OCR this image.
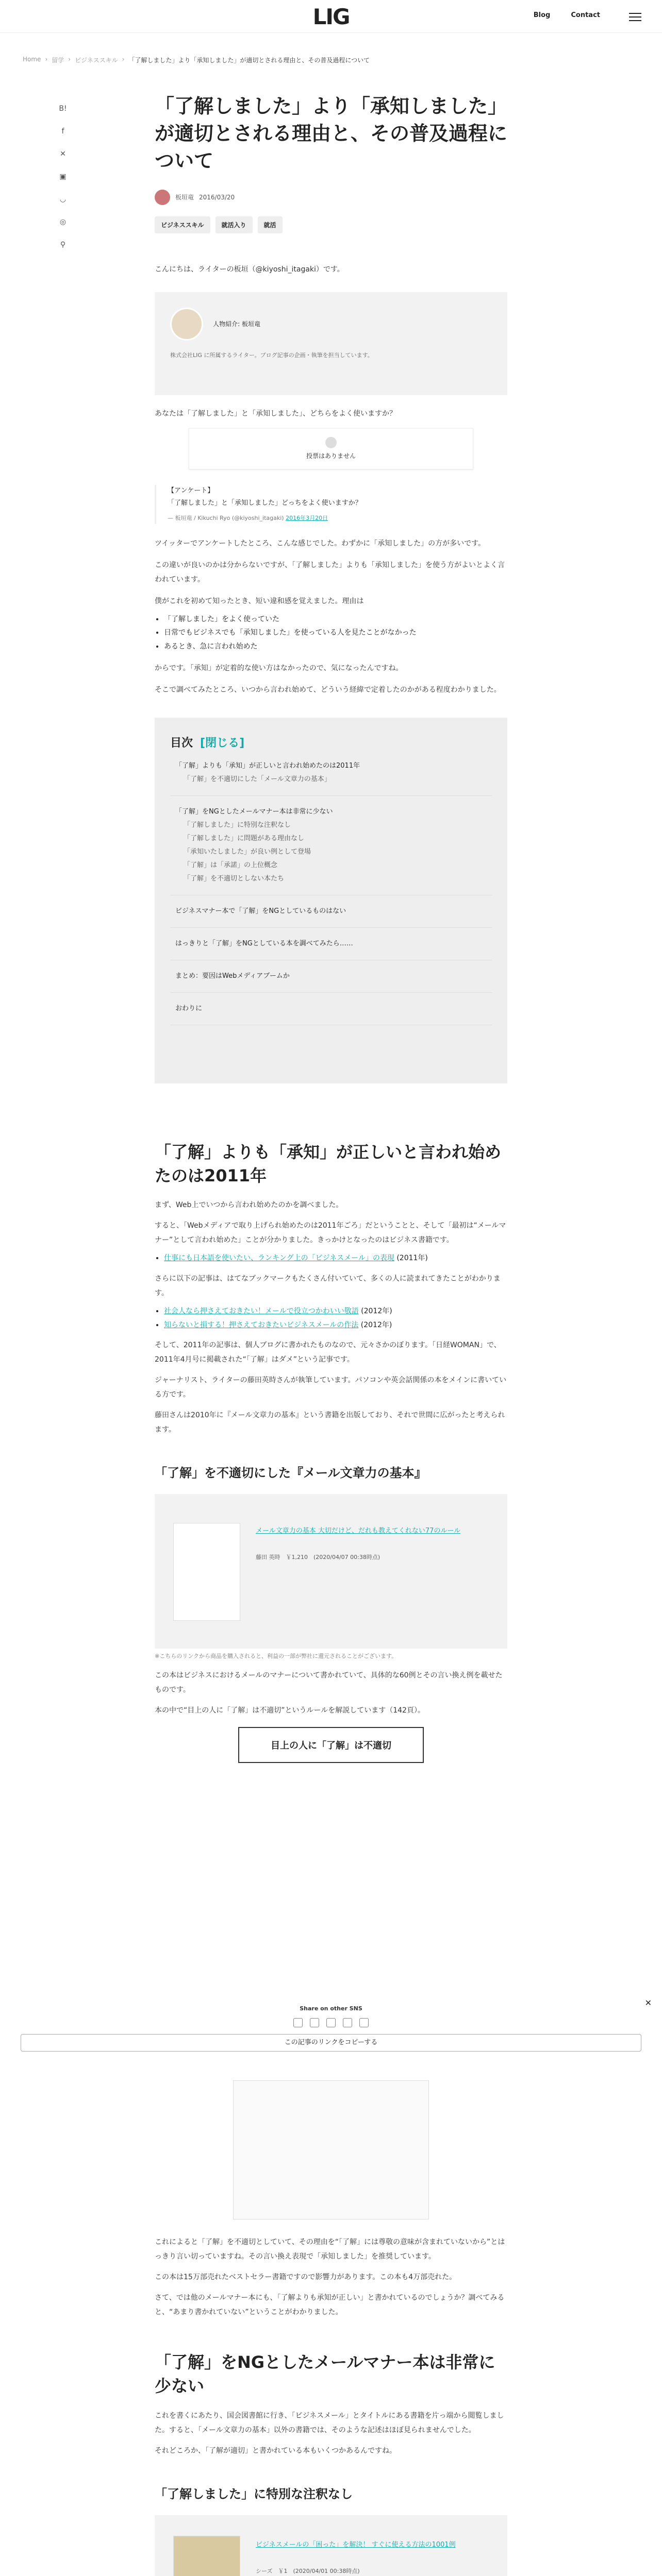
LIG	Blog	Contact
Home › 留学 › ビジネススキル › 「了解しました」より「承知しました」が適切とされる理由と、その普及過程について
B!
f
✕
▣
◡
◎
⚲
「了解しました」より「承知しました」が適切とされる理由と、その普及過程について
板垣竜 2016/03/20
ビジネススキル	就活入り	就活

こんにちは、ライターの板垣（@kiyoshi_itagaki）です。

人物紹介: 板垣竜
株式会社LIG に所属するライター。ブログ記事の企画・執筆を担当しています。

あなたは「了解しました」と「承知しました」、どちらをよく使いますか？

投票はありません
【アンケート】
「了解しました」と「承知しました」どっちをよく使いますか？
— 板垣竜 / Kikuchi Ryo (@kiyoshi_itagaki) 2016年3月20日

ツイッターでアンケートしたところ、こんな感じでした。わずかに「承知しました」の方が多いです。

この違いが良いのかは分からないですが、「了解しました」よりも「承知しました」を使う方がよいとよく言われています。

僕がこれを初めて知ったとき、短い違和感を覚えました。理由は

• 「了解しました」をよく使っていた
• 日常でもビジネスでも「承知しました」を使っている人を見たことがなかった
• あるとき、急に言われ始めた

からです。「承知」が定着的な使い方はなかったので、気になったんですね。

そこで調べてみたところ、いつから言われ始めて、どういう経緯で定着したのかがある程度わかりました。

目次 [閉じる]
「了解」よりも「承知」が正しいと言われ始めたのは2011年
「了解」を不適切にした「メール文章力の基本」
「了解」をNGとしたメールマナー本は非常に少ない
「了解しました」に特別な注釈なし
「了解しました」に問題がある理由なし
「承知いたしました」が良い例として登場
「了解」は「承諾」の上位概念
「了解」を不適切としない本たち
ビジネスマナー本で「了解」をNGとしているものはない
はっきりと「了解」をNGとしている本を調べてみたら……
まとめ：要因はWebメディアブームか
おわりに
「了解」よりも「承知」が正しいと言われ始めたのは2011年

まず、Web上でいつから言われ始めたのかを調べました。

すると、「Webメディアで取り上げられ始めたのは2011年ごろ」だということと、そして「最初は“メールマナー”として言われ始めた」ことが分かりました。きっかけとなったのはビジネス書籍です。

• 仕事にも日本語を使いたい、ランキング上の「ビジネスメール」の表現 (2011年)

さらに以下の記事は、はてなブックマークもたくさん付いていて、多くの人に読まれてきたことがわかります。

• 社会人なら押さえておきたい！メールで役立つかわいい敬語 (2012年)
• 知らないと損する！押さえておきたいビジネスメールの作法 (2012年)

そして、2011年の記事は、個人ブログに書かれたものなので、元々さかのぼります。「日経WOMAN」で、2011年4月号に掲載された“「了解」はダメ”という記事です。

ジャーナリスト、ライターの藤田英時さんが執筆しています。パソコンや英会話関係の本をメインに書いている方です。

藤田さんは2010年に『メール文章力の基本』という書籍を出版しており、それで世間に広がったと考えられます。

「了解」を不適切にした『メール文章力の基本』
メール文章力の基本 大切だけど、だれも教えてくれない77のルール
藤田 英時　￥1,210　(2020/04/07 00:38時点)
※こちらのリンクから商品を購入されると、利益の一部が弊社に還元されることがございます。

この本はビジネスにおけるメールのマナーについて書かれていて、具体的な60例とその言い換え例を載せたものです。

本の中で“目上の人に「了解」は不適切”というルールを解説しています（142頁）。

目上の人に「了解」は不適切
✕
Share on other SNS
この記事のリンクをコピーする

これによると「了解」を不適切としていて、その理由を“「了解」には尊敬の意味が含まれていないから”とはっきり言い切っていますね。その言い換え表現で「承知しました」を推奨しています。

この本は15万部売れたベストセラー書籍ですので影響力があります。この本も4万部売れた。

さて、では他のメールマナー本にも、「了解よりも承知が正しい」と書かれているのでしょうか？調べてみると、“あまり書かれていない”ということがわかりました。

「了解」をNGとしたメールマナー本は非常に少ない

これを書くにあたり、国会図書館に行き、「ビジネスメール」とタイトルにある書籍を片っ端から閲覧しました。すると、「メール文章力の基本」以外の書籍では、そのような記述はほぼ見られませんでした。

それどころか、「了解が適切」と書かれている本もいくつかあるんですね。

「了解しました」に特別な注釈なし
ビジネスメールの「困った」を解決！ すぐに使える方法の1001例
シーズ　￥1　(2020/04/01 00:38時点)
